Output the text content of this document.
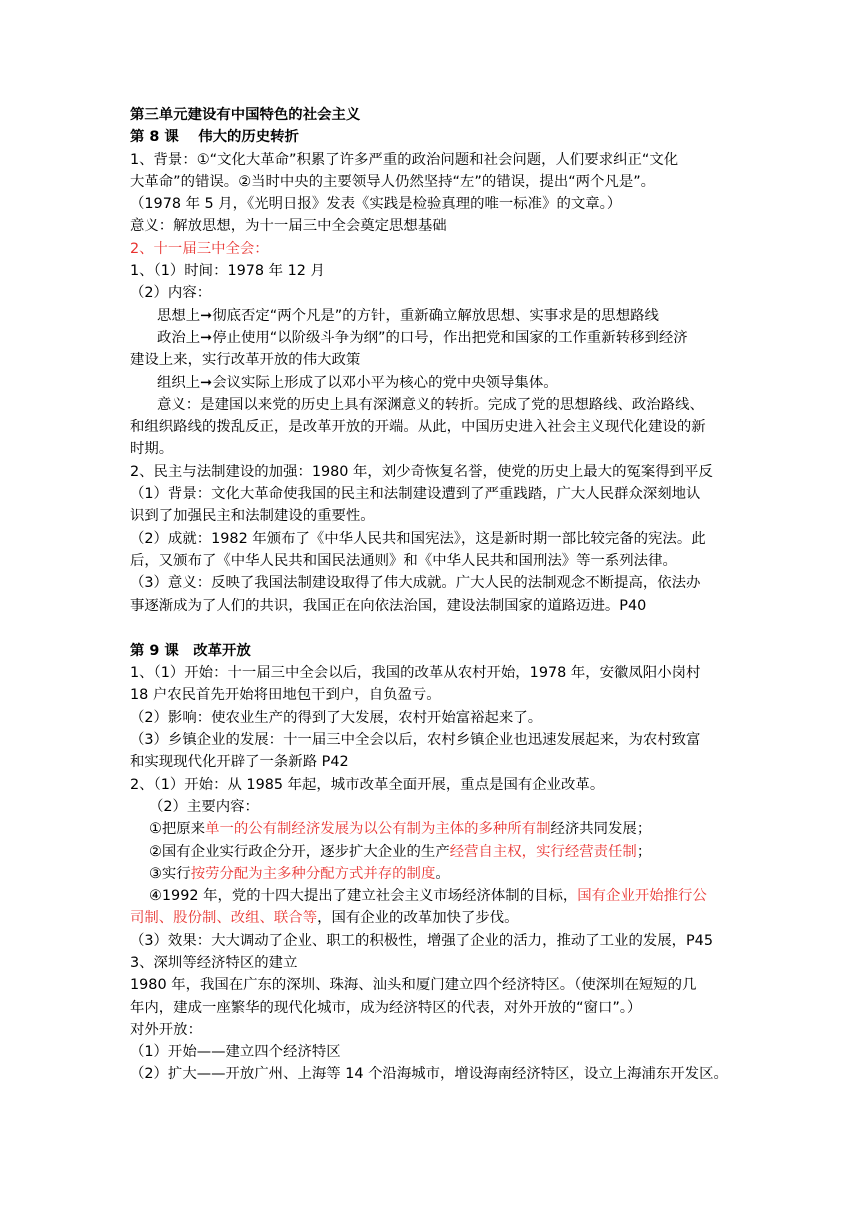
第三单元建设有中国特色的社会主义
第 8 课　 伟大的历史转折
1、背景：①“文化大革命”积累了许多严重的政治问题和社会问题，人们要求纠正“文化
大革命”的错误。②当时中央的主要领导人仍然坚持“左”的错误，提出“两个凡是”。
（1978 年 5 月，《光明日报》发表《实践是检验真理的唯一标准》的文章。）
意义：解放思想，为十一届三中全会奠定思想基础
2、十一届三中全会：
1、（1）时间：1978 年 12 月
（2）内容：
思想上➞彻底否定“两个凡是”的方针，重新确立解放思想、实事求是的思想路线
政治上➞停止使用“以阶级斗争为纲”的口号，作出把党和国家的工作重新转移到经济
建设上来，实行改革开放的伟大政策
组织上➞会议实际上形成了以邓小平为核心的党中央领导集体。
意义：是建国以来党的历史上具有深渊意义的转折。完成了党的思想路线、政治路线、
和组织路线的拨乱反正，是改革开放的开端。从此，中国历史进入社会主义现代化建设的新
时期。
2、民主与法制建设的加强：1980 年，刘少奇恢复名誉，使党的历史上最大的冤案得到平反
（1）背景：文化大革命使我国的民主和法制建设遭到了严重践踏，广大人民群众深刻地认
识到了加强民主和法制建设的重要性。
（2）成就：1982 年颁布了《中华人民共和国宪法》，这是新时期一部比较完备的宪法。此
后，又颁布了《中华人民共和国民法通则》和《中华人民共和国刑法》等一系列法律。
（3）意义：反映了我国法制建设取得了伟大成就。广大人民的法制观念不断提高，依法办
事逐渐成为了人们的共识，我国正在向依法治国，建设法制国家的道路迈进。P40
第 9 课　改革开放
1、（1）开始：十一届三中全会以后，我国的改革从农村开始，1978 年，安徽凤阳小岗村
18 户农民首先开始将田地包干到户，自负盈亏。
（2）影响：使农业生产的得到了大发展，农村开始富裕起来了。
（3）乡镇企业的发展：十一届三中全会以后，农村乡镇企业也迅速发展起来，为农村致富
和实现现代化开辟了一条新路 P42
2、（1）开始：从 1985 年起，城市改革全面开展，重点是国有企业改革。
（2）主要内容：
①把原来单一的公有制经济发展为以公有制为主体的多种所有制经济共同发展；
②国有企业实行政企分开，逐步扩大企业的生产经营自主权，实行经营责任制；
③实行按劳分配为主多种分配方式并存的制度。
④1992 年，党的十四大提出了建立社会主义市场经济体制的目标，国有企业开始推行公
司制、股份制、改组、联合等，国有企业的改革加快了步伐。
（3）效果：大大调动了企业、职工的积极性，增强了企业的活力，推动了工业的发展，P45
3、深圳等经济特区的建立
1980 年，我国在广东的深圳、珠海、汕头和厦门建立四个经济特区。（使深圳在短短的几
年内，建成一座繁华的现代化城市，成为经济特区的代表，对外开放的“窗口”。）
对外开放：
（1）开始——建立四个经济特区
（2）扩大——开放广州、上海等 14 个沿海城市，增设海南经济特区，设立上海浦东开发区。
